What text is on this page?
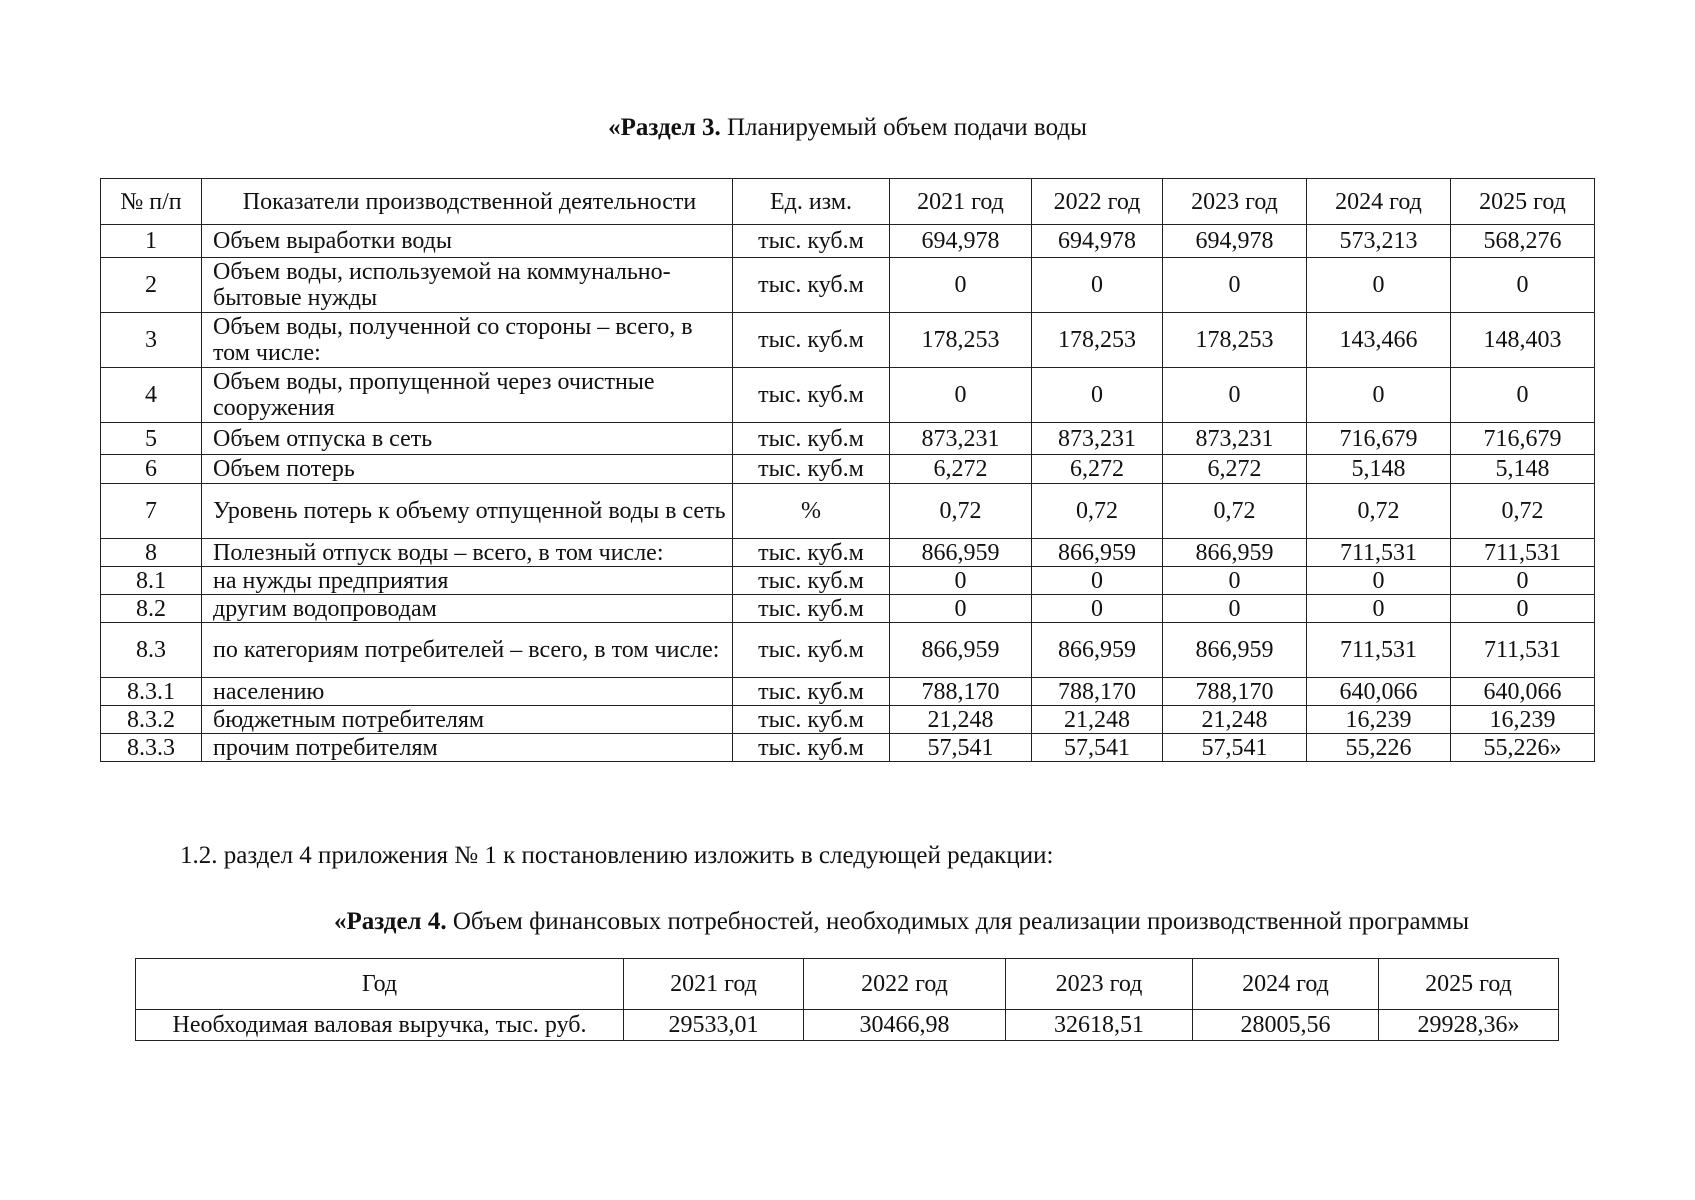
«Раздел 3. Планируемый объем подачи воды
№ п/п	Показатели производственной деятельности	Ед. изм.	2021 год	2022 год	2023 год	2024 год	2025 год
1	Объем выработки воды	тыс. куб.м	694,978	694,978	694,978	573,213	568,276
2	Объем воды, используемой на коммунально-бытовые нужды	тыс. куб.м	0	0	0	0	0
3	Объем воды, полученной со стороны – всего, в том числе:	тыс. куб.м	178,253	178,253	178,253	143,466	148,403
4	Объем воды, пропущенной через очистные сооружения	тыс. куб.м	0	0	0	0	0
5	Объем отпуска в сеть	тыс. куб.м	873,231	873,231	873,231	716,679	716,679
6	Объем потерь	тыс. куб.м	6,272	6,272	6,272	5,148	5,148
7	Уровень потерь к объему отпущенной воды в сеть	%	0,72	0,72	0,72	0,72	0,72
8	Полезный отпуск воды – всего, в том числе:	тыс. куб.м	866,959	866,959	866,959	711,531	711,531
8.1	на нужды предприятия	тыс. куб.м	0	0	0	0	0
8.2	другим водопроводам	тыс. куб.м	0	0	0	0	0
8.3	по категориям потребителей – всего, в том числе:	тыс. куб.м	866,959	866,959	866,959	711,531	711,531
8.3.1	населению	тыс. куб.м	788,170	788,170	788,170	640,066	640,066
8.3.2	бюджетным потребителям	тыс. куб.м	21,248	21,248	21,248	16,239	16,239
8.3.3	прочим потребителям	тыс. куб.м	57,541	57,541	57,541	55,226	55,226»
1.2. раздел 4 приложения № 1 к постановлению изложить в следующей редакции:
«Раздел 4. Объем финансовых потребностей, необходимых для реализации производственной программы
Год	2021 год	2022 год	2023 год	2024 год	2025 год
Необходимая валовая выручка, тыс. руб.	29533,01	30466,98	32618,51	28005,56	29928,36»
